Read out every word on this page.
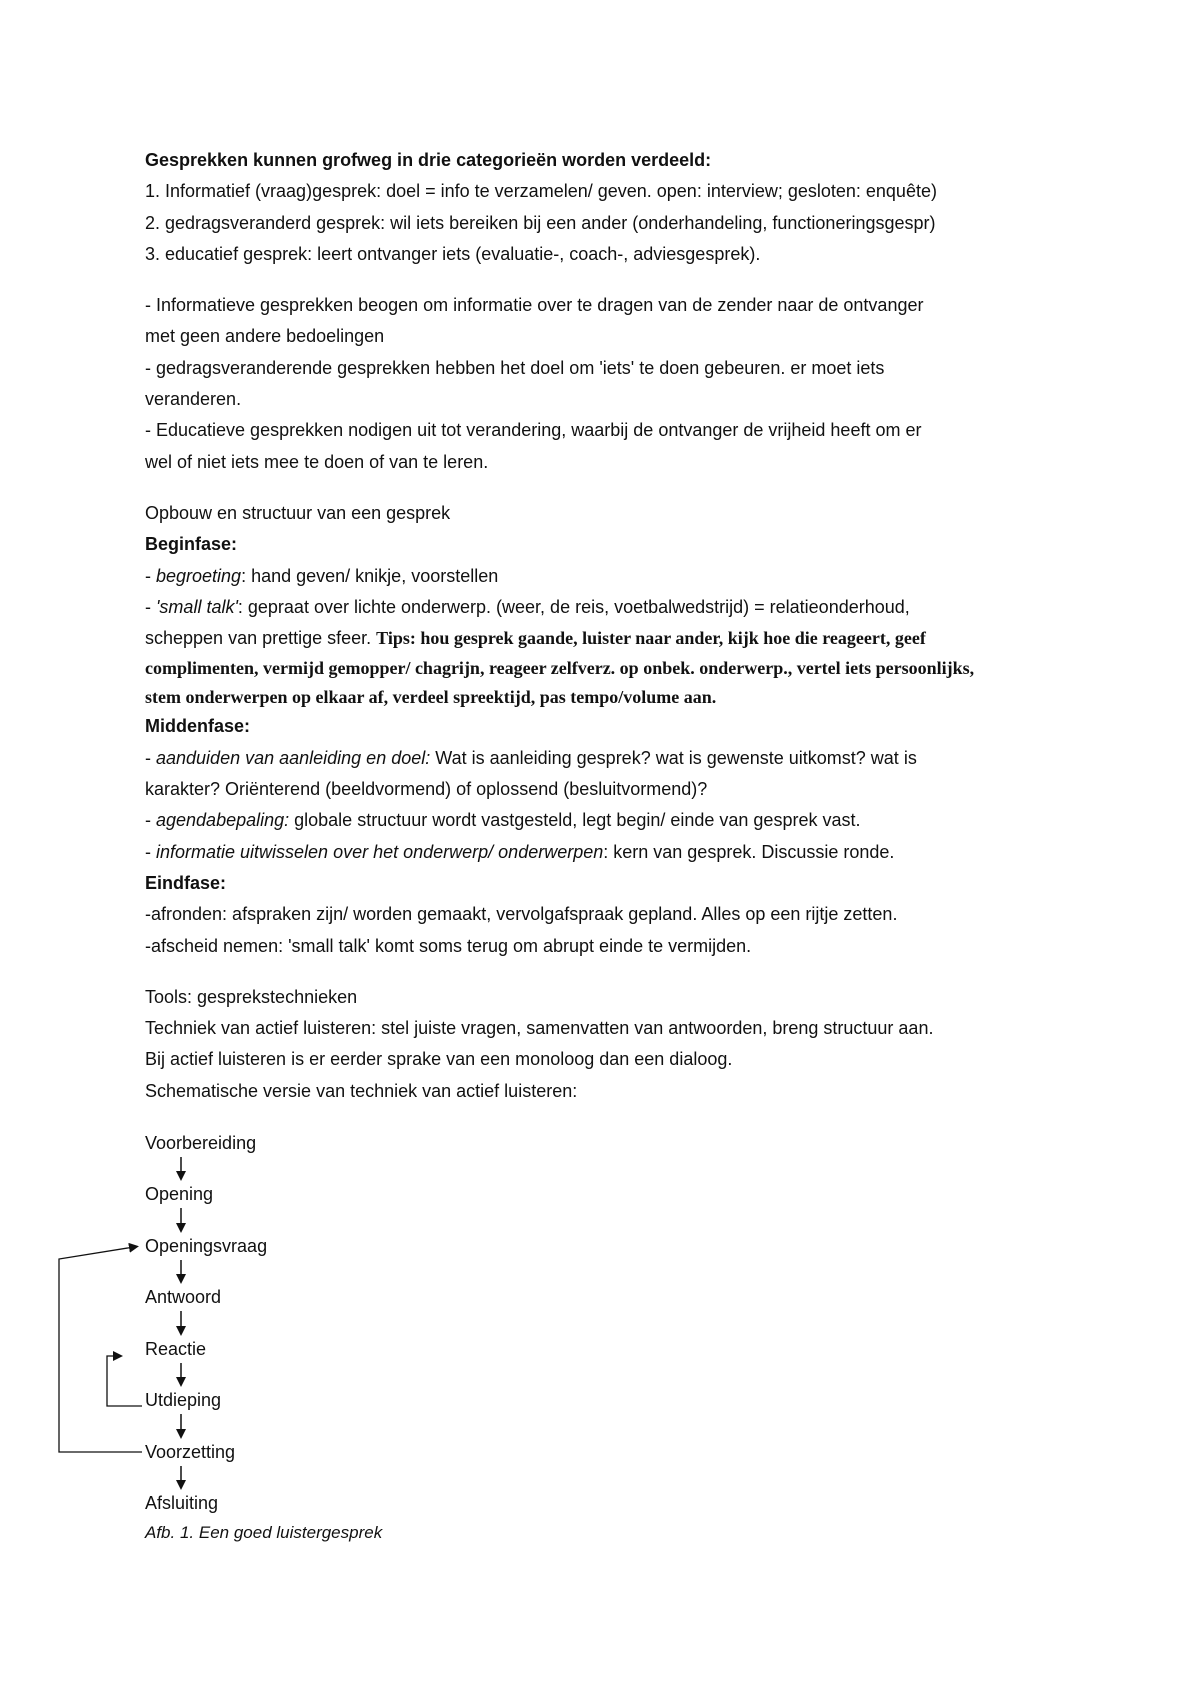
Gesprekken kunnen grofweg in drie categorieën worden verdeeld:
1. Informatief (vraag)gesprek: doel = info te verzamelen/ geven. open: interview; gesloten: enquête)
2. gedragsveranderd gesprek: wil iets bereiken bij een ander (onderhandeling, functioneringsgespr)
3. educatief gesprek: leert ontvanger iets (evaluatie-, coach-, adviesgesprek).
- Informatieve gesprekken beogen om informatie over te dragen van de zender naar de ontvanger
met geen andere bedoelingen
- gedragsveranderende gesprekken hebben het doel om 'iets' te doen gebeuren. er moet iets
veranderen.
- Educatieve gesprekken nodigen uit tot verandering, waarbij de ontvanger de vrijheid heeft om er
wel of niet iets mee te doen of van te leren.
Opbouw en structuur van een gesprek
Beginfase:
- begroeting: hand geven/ knikje, voorstellen
- 'small talk': gepraat over lichte onderwerp. (weer, de reis, voetbalwedstrijd) = relatieonderhoud,
scheppen van prettige sfeer. Tips: hou gesprek gaande, luister naar ander, kijk hoe die reageert, geef
complimenten, vermijd gemopper/ chagrijn, reageer zelfverz. op onbek. onderwerp., vertel iets persoonlijks,
stem onderwerpen op elkaar af, verdeel spreektijd, pas tempo/volume aan.
Middenfase:
- aanduiden van aanleiding en doel: Wat is aanleiding gesprek? wat is gewenste uitkomst? wat is
karakter? Oriënterend (beeldvormend) of oplossend (besluitvormend)?
- agendabepaling: globale structuur wordt vastgesteld, legt begin/ einde van gesprek vast.
- informatie uitwisselen over het onderwerp/ onderwerpen: kern van gesprek. Discussie ronde.
Eindfase:
-afronden: afspraken zijn/ worden gemaakt, vervolgafspraak gepland. Alles op een rijtje zetten.
-afscheid nemen: 'small talk' komt soms terug om abrupt einde te vermijden.
Tools: gesprekstechnieken
Techniek van actief luisteren: stel juiste vragen, samenvatten van antwoorden, breng structuur aan.
Bij actief luisteren is er eerder sprake van een monoloog dan een dialoog.
Schematische versie van techniek van actief luisteren:
Voorbereiding
Opening
Openingsvraag
Antwoord
Reactie
Utdieping
Voorzetting
Afsluiting
Afb. 1. Een goed luistergesprek
